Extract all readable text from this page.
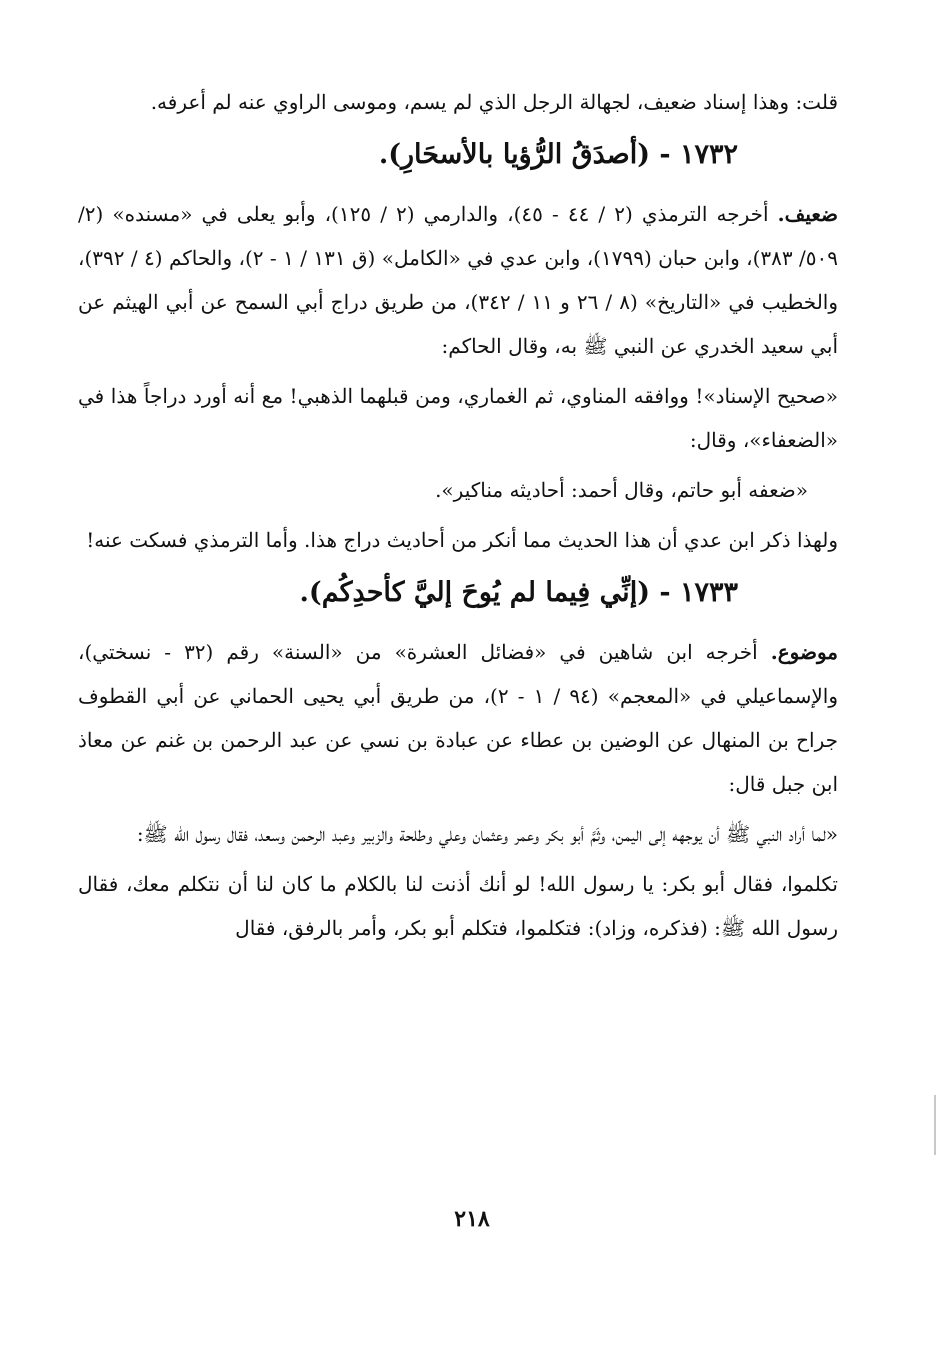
قلت: وهذا إسناد ضعيف، لجهالة الرجل الذي لم يسم، وموسى الراوي عنه لم أعرفه.

١٧٣٢ - (أصدَقُ الرُّؤيا بالأسحَارِ).

ضعيف. أخرجه الترمذي (٢ / ٤٤ - ٤٥)، والدارمي (٢ / ١٢٥)، وأبو يعلى في «مسنده» (٢/ ٥٠٩/ ٣٨٣)، وابن حبان (١٧٩٩)، وابن عدي في «الكامل» (ق ١٣١ / ١ - ٢)، والحاكم (٤ / ٣٩٢)، والخطيب في «التاريخ» (٨ / ٢٦ و ١١ / ٣٤٢)، من طريق دراج أبي السمح عن أبي الهيثم عن أبي سعيد الخدري عن النبي ﷺ به، وقال الحاكم:

«صحيح الإسناد»! ووافقه المناوي، ثم الغماري، ومن قبلهما الذهبي! مع أنه أورد دراجاً هذا في «الضعفاء»، وقال:

«ضعفه أبو حاتم، وقال أحمد: أحاديثه مناكير».

ولهذا ذكر ابن عدي أن هذا الحديث مما أنكر من أحاديث دراج هذا. وأما الترمذي فسكت عنه!

١٧٣٣ - (إنِّي فِيما لم يُوحَ إليَّ كأحدِكُم).

موضوع. أخرجه ابن شاهين في «فضائل العشرة» من «السنة» رقم (٣٢ - نسختي)، والإسماعيلي في «المعجم» (٩٤ / ١ - ٢)، من طريق أبي يحيى الحماني عن أبي القطوف جراح بن المنهال عن الوضين بن عطاء عن عبادة بن نسي عن عبد الرحمن بن غنم عن معاذ ابن جبل قال:

«لما أراد النبي ﷺ أن يوجهه إلى اليمن، وثَمَّ أبو بكر وعمر وعثمان وعلي وطلحة والزبير وعبد الرحمن وسعد، فقال رسول الله ﷺ:

تكلموا، فقال أبو بكر: يا رسول الله! لو أنك أذنت لنا بالكلام ما كان لنا أن نتكلم معك، فقال رسول الله ﷺ: (فذكره، وزاد): فتكلموا، فتكلم أبو بكر، وأمر بالرفق، فقال

٢١٨
